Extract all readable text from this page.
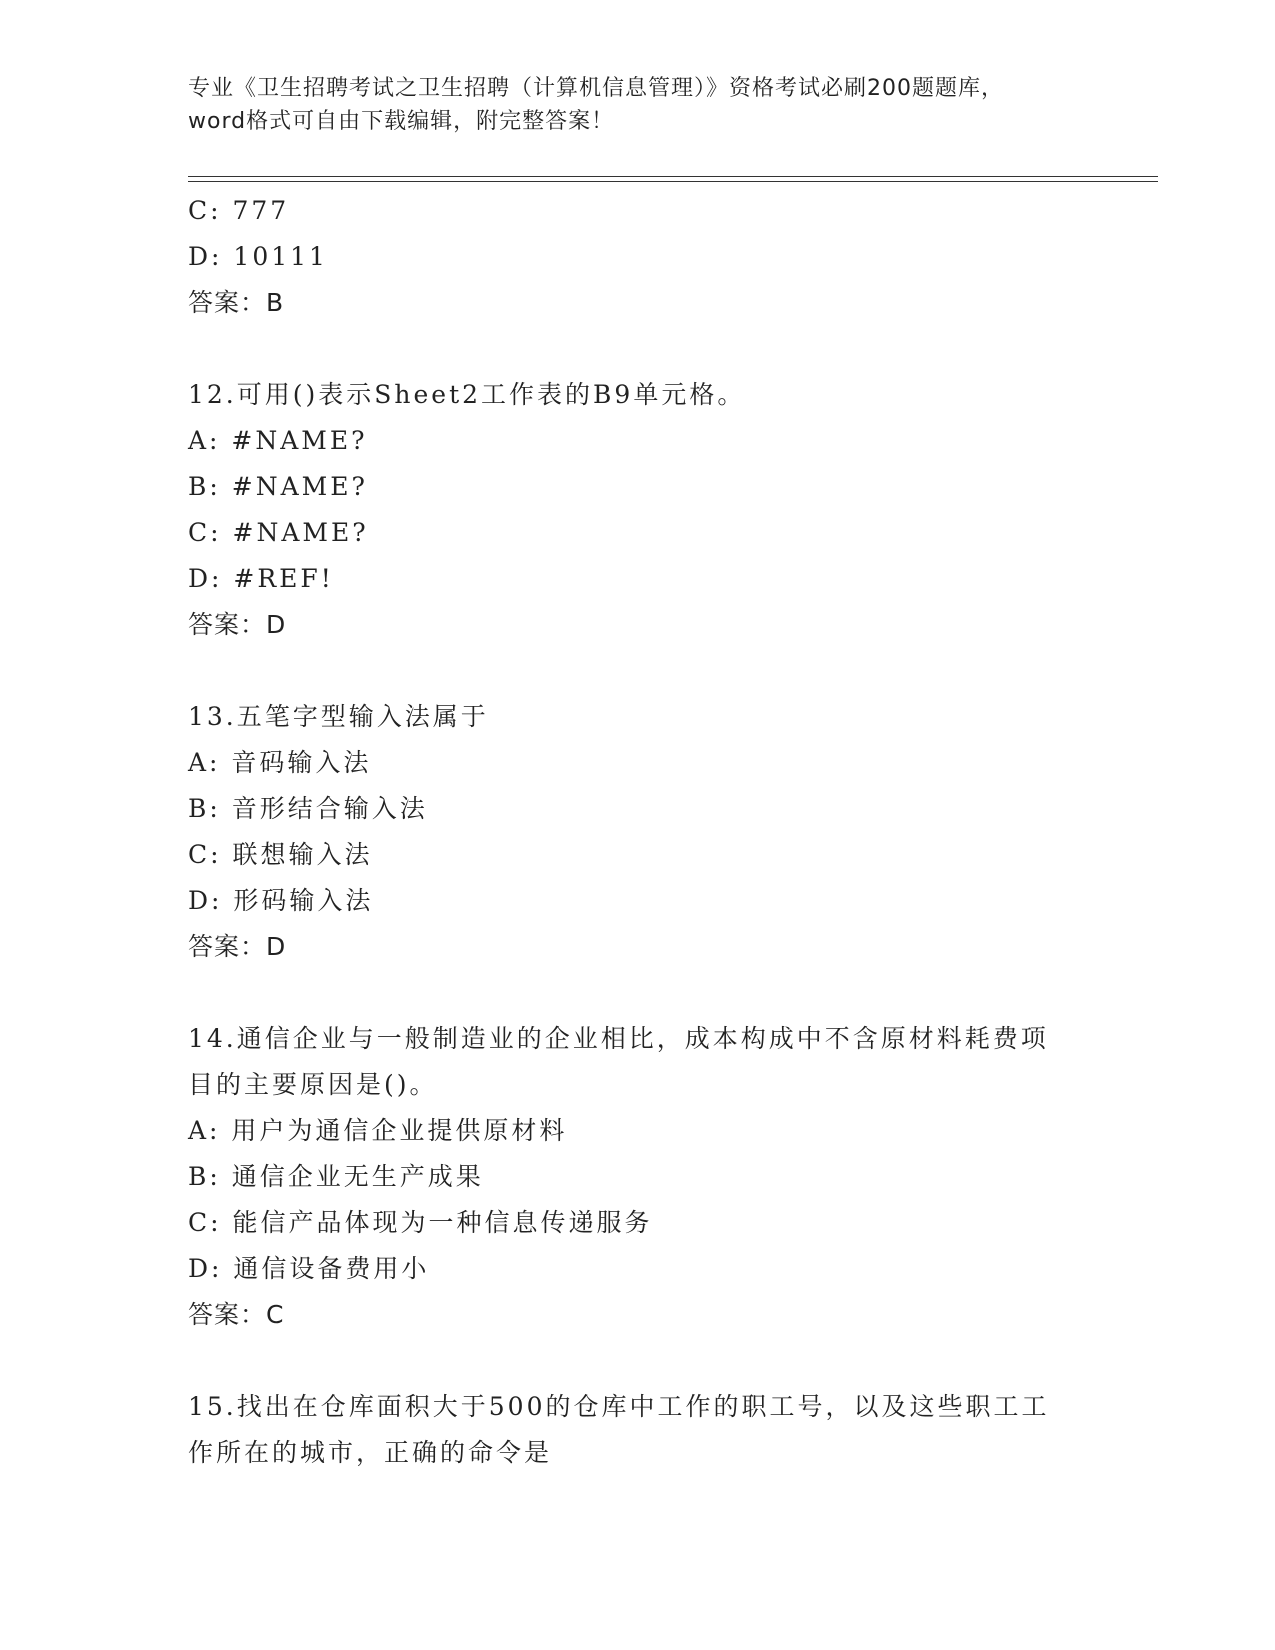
专业《卫生招聘考试之卫生招聘（计算机信息管理）》资格考试必刷200题题库，
word格式可自由下载编辑，附完整答案！
C: 777
D: 10111
答案：B
12.可用()表示Sheet2工作表的B9单元格。
A: #NAME?
B: #NAME?
C: #NAME?
D: #REF!
答案：D
13.五笔字型输入法属于
A: 音码输入法
B: 音形结合输入法
C: 联想输入法
D: 形码输入法
答案：D
14.通信企业与一般制造业的企业相比，成本构成中不含原材料耗费项
目的主要原因是()。
A: 用户为通信企业提供原材料
B: 通信企业无生产成果
C: 能信产品体现为一种信息传递服务
D: 通信设备费用小
答案：C
15.找出在仓库面积大于500的仓库中工作的职工号，以及这些职工工
作所在的城市，正确的命令是
